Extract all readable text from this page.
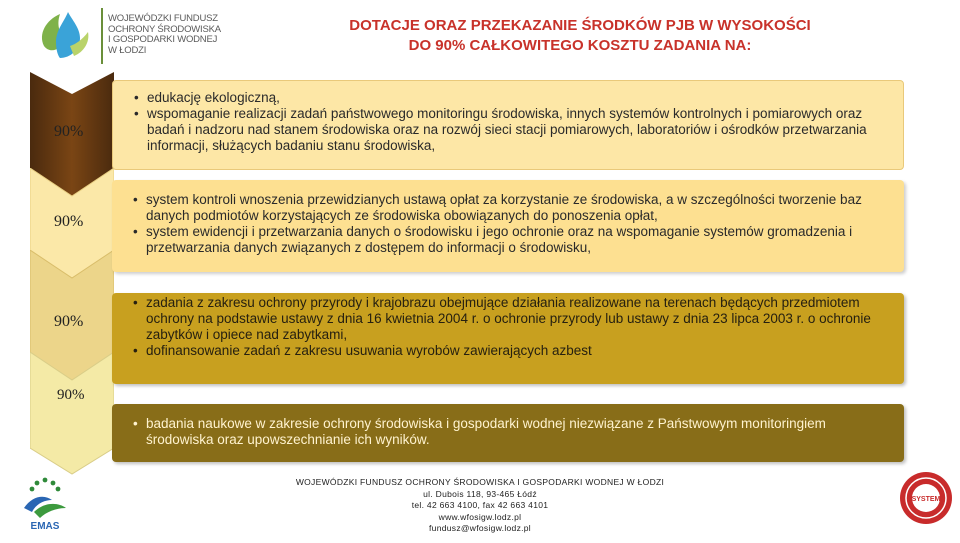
WOJEWÓDZKI FUNDUSZ
OCHRONY ŚRODOWISKA
I GOSPODARKI WODNEJ
W ŁODZI
DOTACJE ORAZ PRZEKAZANIE ŚRODKÓW PJB W WYSOKOŚCI
DO 90% CAŁKOWITEGO KOSZTU ZADANIA NA:
90%
90%
90%
90%
• edukację ekologiczną,
• wspomaganie realizacji zadań państwowego monitoringu środowiska, innych systemów kontrolnych i pomiarowych oraz badań i nadzoru nad stanem środowiska oraz na rozwój sieci stacji pomiarowych, laboratoriów i ośrodków przetwarzania informacji, służących badaniu stanu środowiska,
• system kontroli wnoszenia przewidzianych ustawą opłat za korzystanie ze środowiska, a w szczególności tworzenie baz danych podmiotów korzystających ze środowiska obowiązanych do ponoszenia opłat,
• system ewidencji i przetwarzania danych o środowisku i jego ochronie oraz na wspomaganie systemów gromadzenia i przetwarzania danych związanych z dostępem do informacji o środowisku,
• zadania z zakresu ochrony przyrody i krajobrazu obejmujące działania realizowane na terenach będących przedmiotem ochrony na podstawie ustawy z dnia 16 kwietnia 2004 r. o ochronie przyrody lub ustawy z dnia 23 lipca 2003 r. o ochronie zabytków i opiece nad zabytkami,
• dofinansowanie zadań z zakresu usuwania wyrobów zawierających azbest
• badania naukowe w zakresie ochrony środowiska i gospodarki wodnej niezwiązane z Państwowym monitoringiem środowiska oraz upowszechnianie ich wyników.
EMAS
WOJEWÓDZKI FUNDUSZ OCHRONY ŚRODOWISKA I GOSPODARKI WODNEJ W ŁODZI
ul. Dubois 118, 93-465 Łódź
tel. 42 663 4100, fax 42 663 4101
www.wfosigw.lodz.pl
fundusz@wfosigw.lodz.pl
SYSTEM
